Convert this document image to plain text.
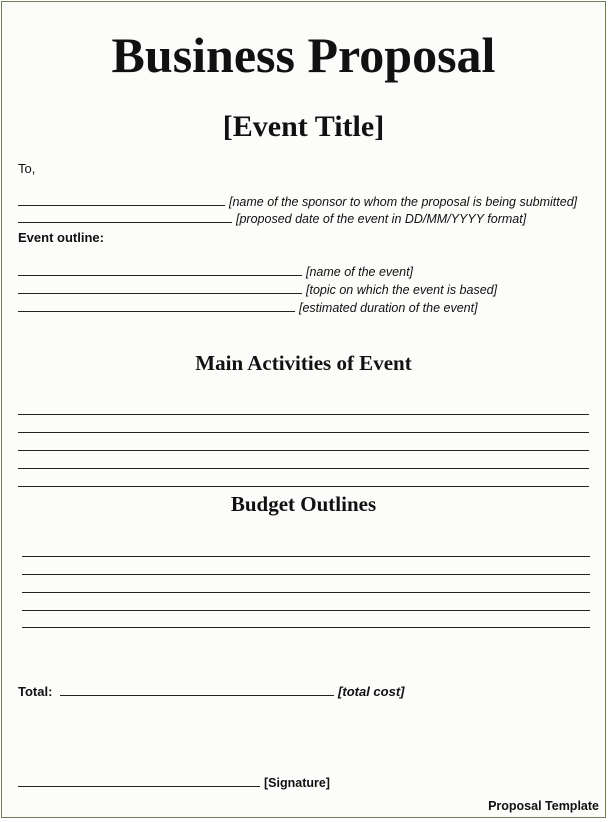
Business Proposal
[Event Title]
To,
[name of the sponsor to whom the proposal is being submitted]
[proposed date of the event in DD/MM/YYYY format]
Event outline:
[name of the event]
[topic on which the event is based]
[estimated duration of the event]
Main Activities of Event
Budget Outlines
Total:	[total cost]
[Signature]
Proposal Template
